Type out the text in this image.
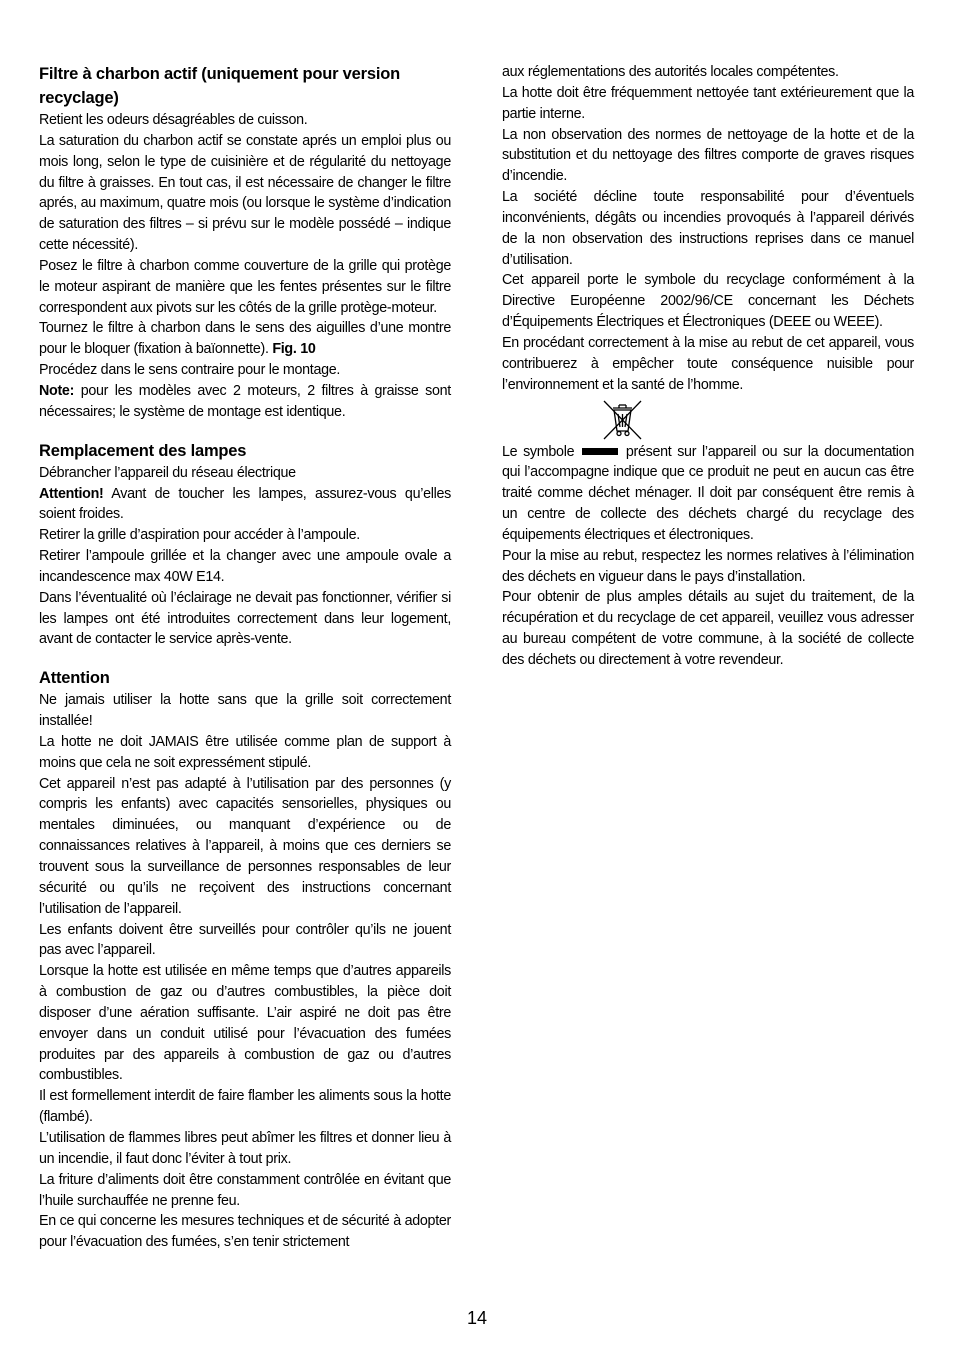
Filtre à charbon actif (uniquement pour version recyclage)

Retient les odeurs désagréables de cuisson.

La saturation du charbon actif se constate aprés un emploi plus ou mois long, selon le type de cuisinière et de régularité du nettoyage du filtre à graisses. En tout cas, il est nécessaire de changer le filtre aprés, au maximum, quatre mois (ou lorsque le système d’indication de saturation des filtres – si prévu sur le modèle possédé – indique cette nécessité).

Posez le filtre à charbon comme couverture de la grille qui protège le moteur aspirant de manière que les fentes présentes sur le filtre correspondent aux pivots sur les côtés de la grille protège-moteur.

Tournez le filtre à charbon dans le sens des aiguilles d’une montre pour le bloquer (fixation à baïonnette). Fig. 10

Procédez dans le sens contraire pour le montage.

Note: pour les modèles avec 2 moteurs, 2 filtres à graisse sont nécessaires; le système de montage est identique.

Remplacement des lampes

Débrancher l’appareil du réseau électrique

Attention! Avant de toucher les lampes, assurez-vous qu’elles soient froides.

Retirer la grille d’aspiration pour accéder à l’ampoule.

Retirer l’ampoule grillée et la changer avec une ampoule ovale a incandescence max 40W E14.

Dans l’éventualité où l’éclairage ne devait pas fonctionner, vérifier si les lampes ont été introduites correctement dans leur logement, avant de contacter le service après-vente.

Attention

Ne jamais utiliser la hotte sans que la grille soit correctement installée!

La hotte ne doit JAMAIS être utilisée comme plan de support à moins que cela ne soit expressément stipulé.

Cet appareil n’est pas adapté à l’utilisation par des personnes (y compris les enfants) avec capacités sensorielles, physiques ou mentales diminuées, ou manquant d’expérience ou de connaissances relatives à l’appareil, à moins que ces derniers se trouvent sous la surveillance de personnes responsables de leur sécurité ou qu’ils ne reçoivent des instructions concernant l’utilisation de l’appareil.

Les enfants doivent être surveillés pour contrôler qu’ils ne jouent pas avec l’appareil.

Lorsque la hotte est utilisée en même temps que d’autres appareils à combustion de gaz ou d’autres combustibles, la pièce doit disposer d’une aération suffisante. L’air aspiré ne doit pas être envoyer dans un conduit utilisé pour l’évacuation des fumées produites par des appareils à combustion de gaz ou d’autres combustibles.

Il est formellement interdit de faire flamber les aliments sous la hotte (flambé).

L’utilisation de flammes libres peut abîmer les filtres et donner lieu à un incendie, il faut donc l’éviter à tout prix.

La friture d’aliments doit être constamment contrôlée en évitant que l’huile surchauffée ne prenne feu.

En ce qui concerne les mesures techniques et de sécurité à adopter pour l’évacuation des fumées, s’en tenir strictement

aux réglementations des autorités locales compétentes.

La hotte doit être fréquemment nettoyée tant extérieurement que la partie interne.

La non observation des normes de nettoyage de la hotte et de la substitution et du nettoyage des filtres comporte de graves risques d’incendie.

La société décline toute responsabilité pour d’éventuels inconvénients, dégâts ou incendies provoqués à l’appareil dérivés de la non observation des instructions reprises dans ce manuel d’utilisation.

Cet appareil porte le symbole du recyclage conformément à la Directive Européenne 2002/96/CE concernant les Déchets d’Équipements Électriques et Électroniques (DEEE ou WEEE).

En procédant correctement à la mise au rebut de cet appareil, vous contribuerez à empêcher toute conséquence nuisible pour l’environnement et la santé de l’homme.

Le symbole	présent sur l’appareil ou sur la documentation qui l’accompagne indique que ce produit ne peut en aucun cas être traité comme déchet ménager. Il doit par conséquent être remis à un centre de collecte des déchets chargé du recyclage des équipements électriques et électroniques.

Pour la mise au rebut, respectez les normes relatives à l’élimination des déchets en vigueur dans le pays d’installation.

Pour obtenir de plus amples détails au sujet du traitement, de la récupération et du recyclage de cet appareil, veuillez vous adresser au bureau compétent de votre commune, à la société de collecte des déchets ou directement à votre revendeur.

14
